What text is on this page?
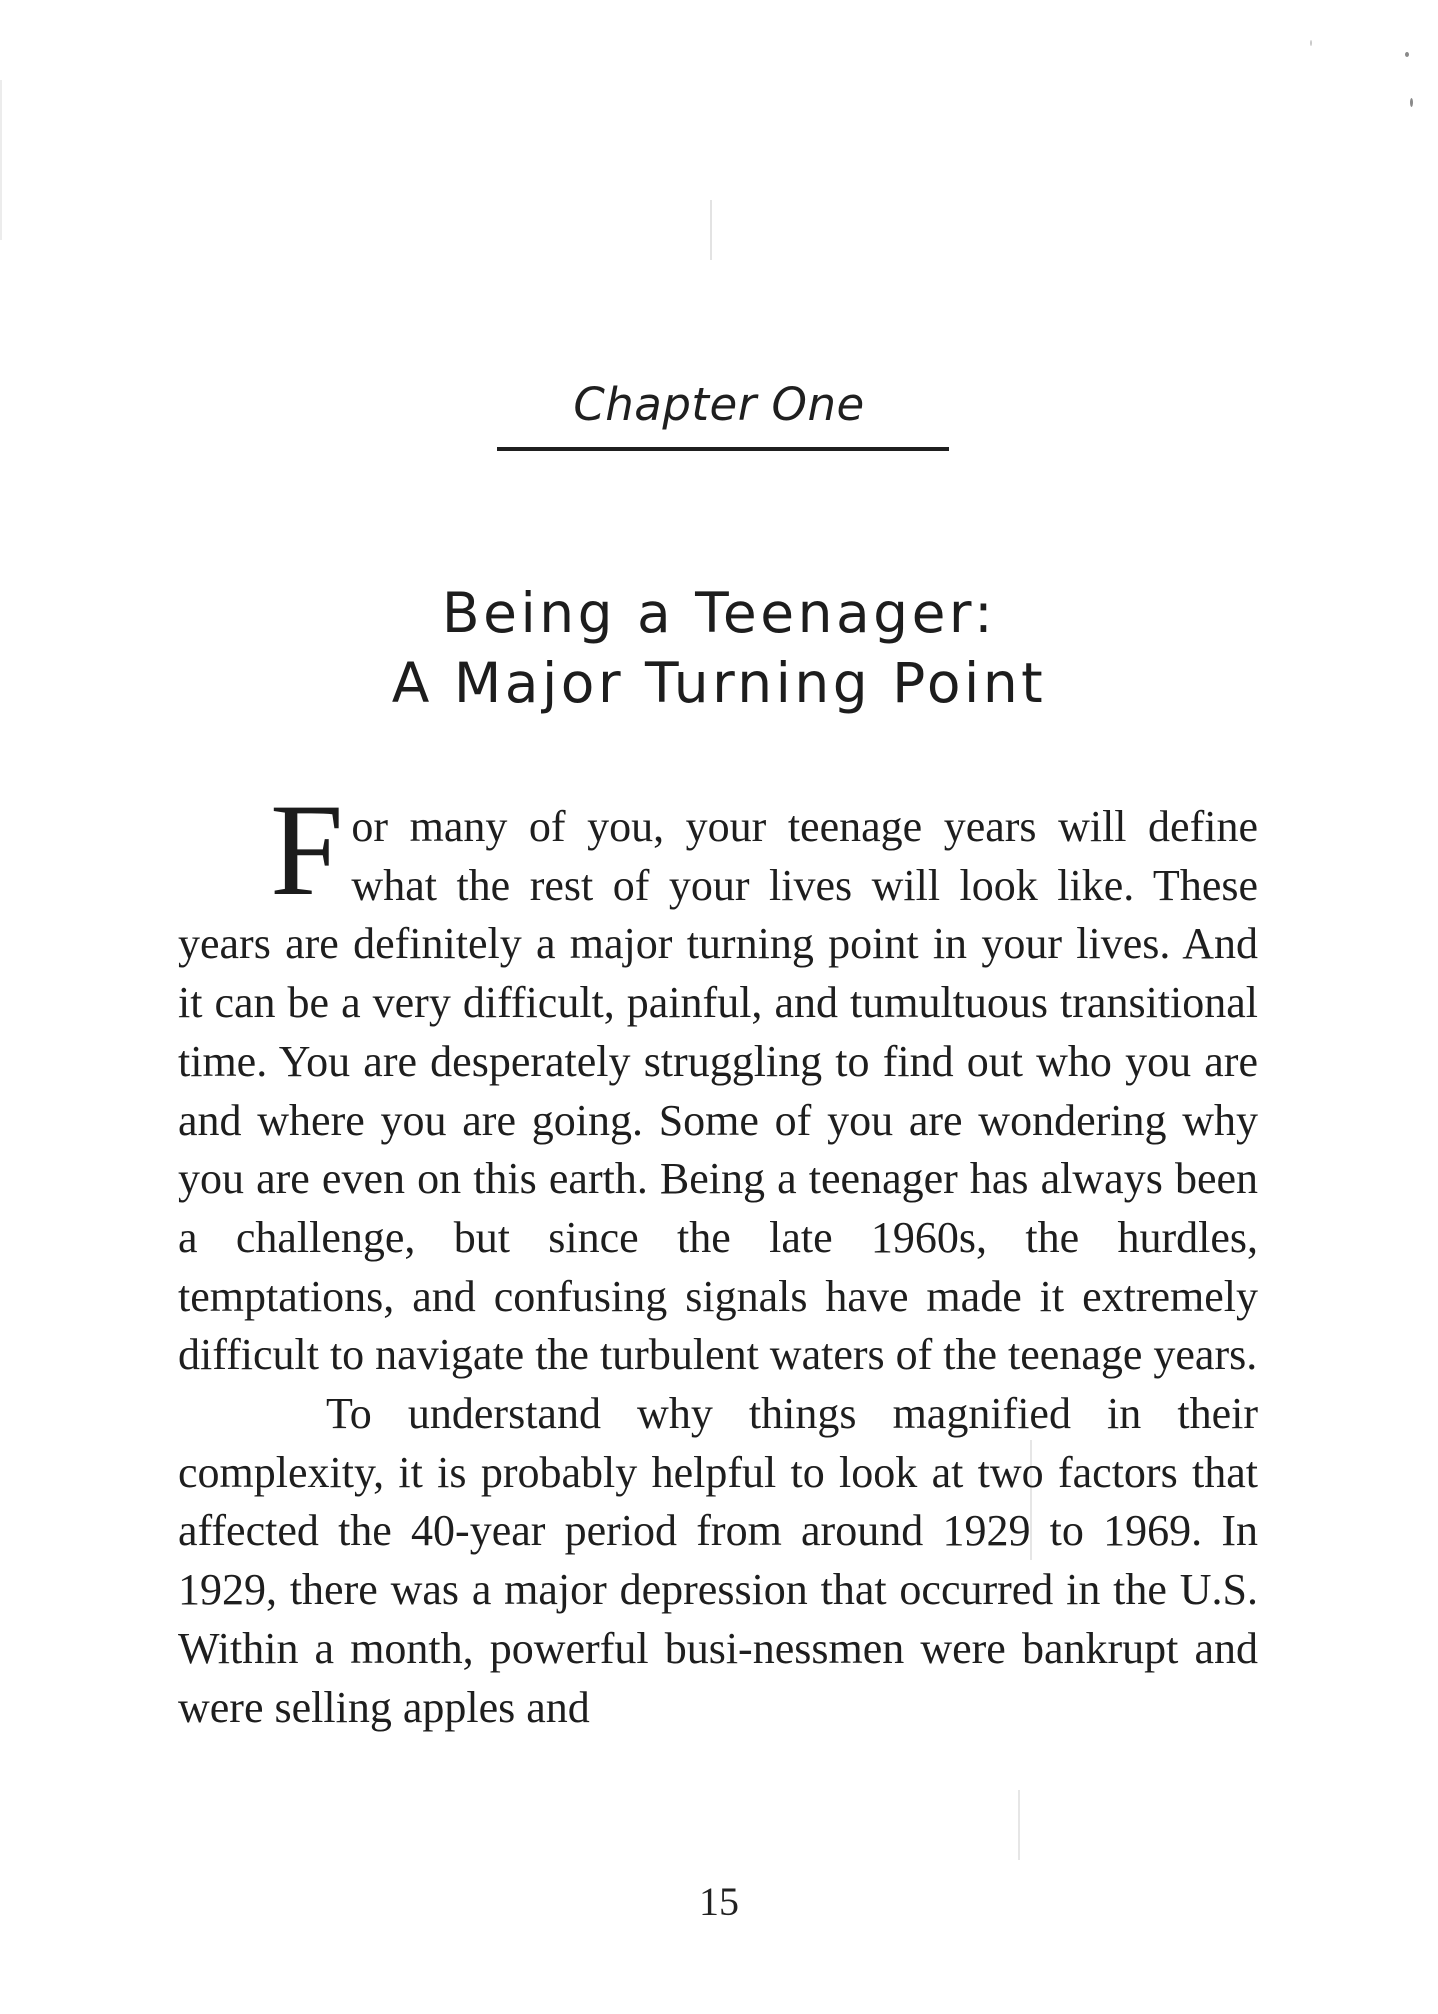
Chapter One
Being a Teenager:
A Major Turning Point

For many of you, your teenage years will define what the rest of your lives will look like. These years are definitely a major turning point in your lives. And it can be a very difficult, painful, and tumultuous transitional time. You are desperately struggling to find out who you are and where you are going. Some of you are wondering why you are even on this earth. Being a teenager has always been a challenge, but since the late 1960s, the hurdles, temptations, and confusing signals have made it extremely difficult to navigate the turbulent waters of the teenage years.

To understand why things magnified in their complexity, it is probably helpful to look at two factors that affected the 40-year period from around 1929 to 1969. In 1929, there was a major depression that occurred in the U.S. Within a month, powerful busi-nessmen were bankrupt and were selling apples and

15
